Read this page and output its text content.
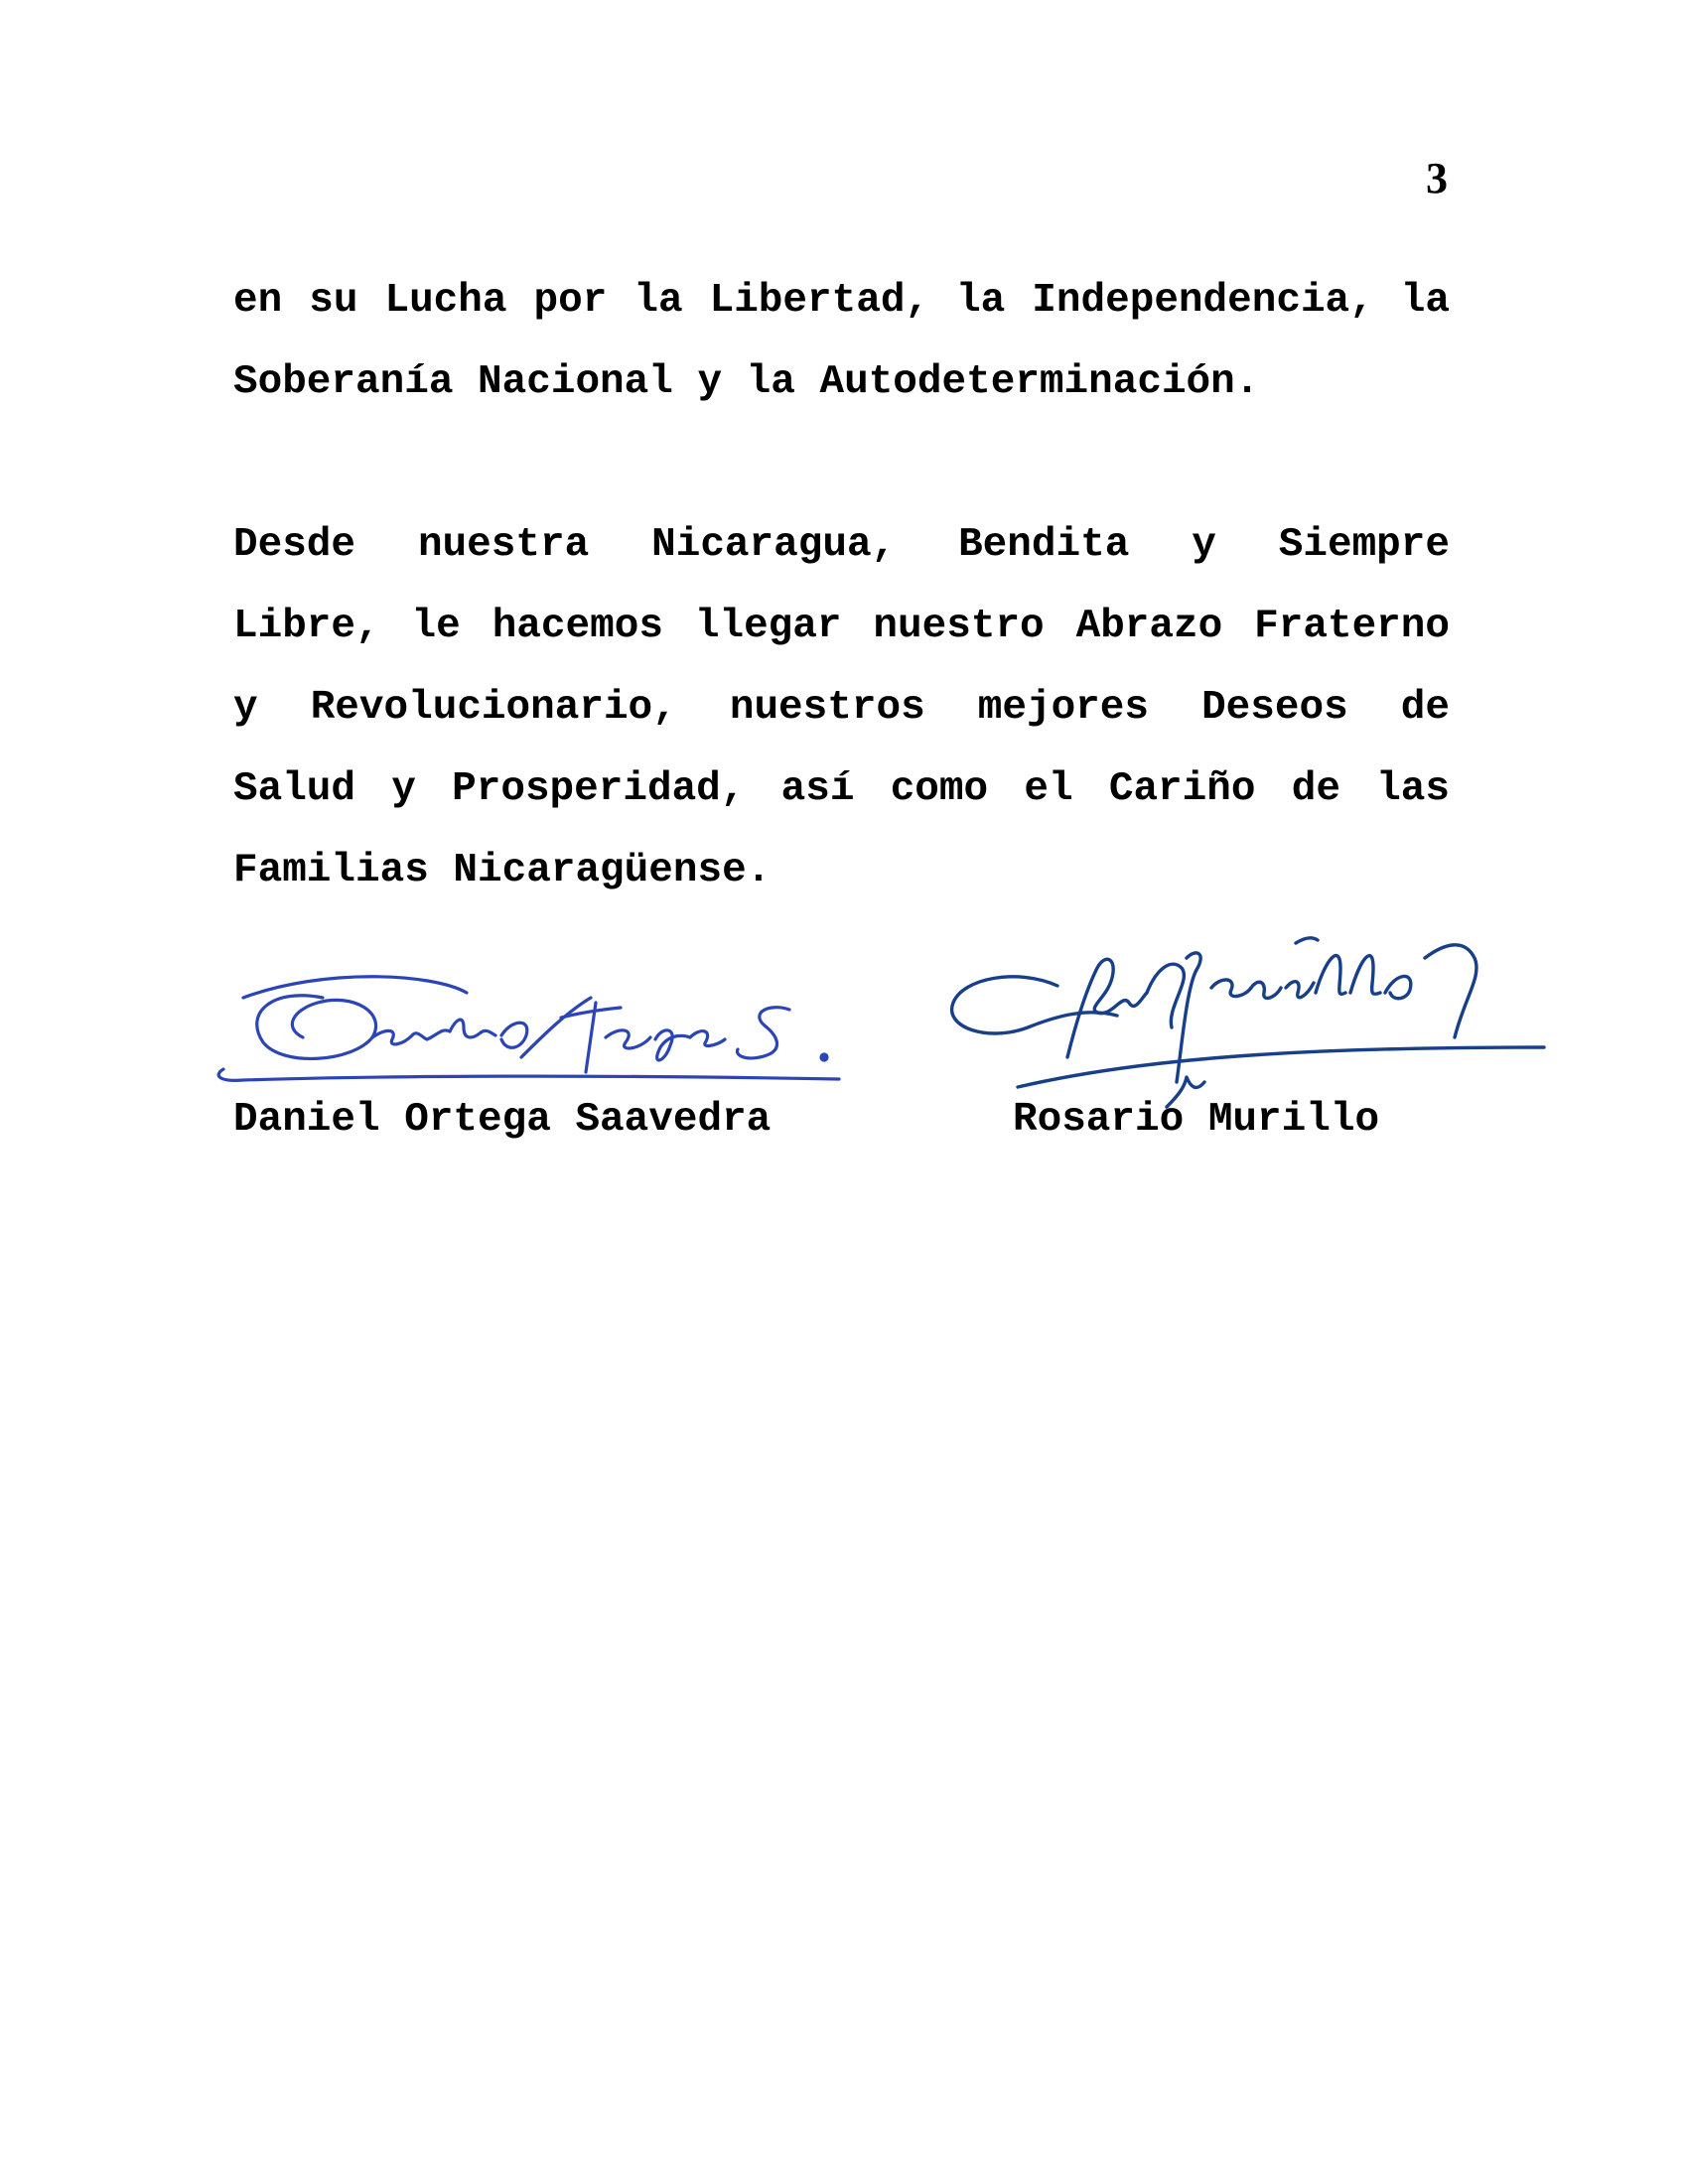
3
en su Lucha por la Libertad, la Independencia, la
Soberanía Nacional y la Autodeterminación.
Desde nuestra Nicaragua, Bendita y Siempre
Libre, le hacemos llegar nuestro Abrazo Fraterno
y Revolucionario, nuestros mejores Deseos de
Salud y Prosperidad, así como el Cariño de las
Familias Nicaragüense.
Daniel Ortega Saavedra	Rosario Murillo
